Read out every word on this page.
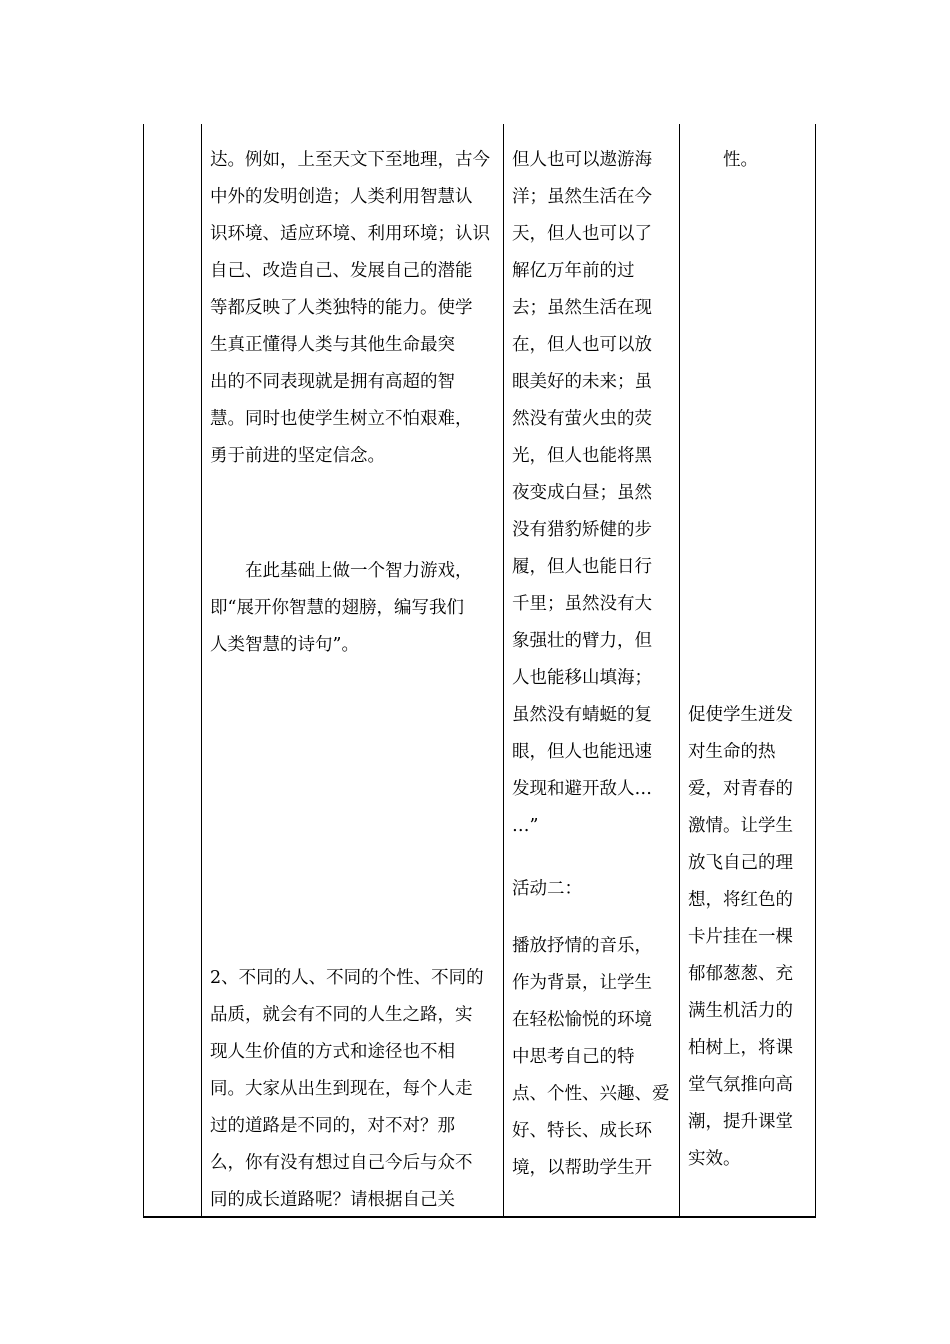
达。例如，上至天文下至地理，古今
中外的发明创造；人类利用智慧认
识环境、适应环境、利用环境；认识
自己、改造自己、发展自己的潜能
等都反映了人类独特的能力。使学
生真正懂得人类与其他生命最突
出的不同表现就是拥有高超的智
慧。同时也使学生树立不怕艰难，
勇于前进的坚定信念。
　　在此基础上做一个智力游戏，
即“展开你智慧的翅膀，编写我们
人类智慧的诗句”。
2、不同的人、不同的个性、不同的
品质，就会有不同的人生之路，实
现人生价值的方式和途径也不相
同。大家从出生到现在，每个人走
过的道路是不同的，对不对？那
么，你有没有想过自己今后与众不
同的成长道路呢？请根据自己关
但人也可以遨游海
洋；虽然生活在今
天，但人也可以了
解亿万年前的过
去；虽然生活在现
在，但人也可以放
眼美好的未来；虽
然没有萤火虫的荧
光，但人也能将黑
夜变成白昼；虽然
没有猎豹矫健的步
履，但人也能日行
千里；虽然没有大
象强壮的臂力，但
人也能移山填海；
虽然没有蜻蜓的复
眼，但人也能迅速
发现和避开敌人…
…”
活动二：
播放抒情的音乐，
作为背景，让学生
在轻松愉悦的环境
中思考自己的特
点、个性、兴趣、爱
好、特长、成长环
境，以帮助学生开
　　性。
促使学生迸发
对生命的热
爱，对青春的
激情。让学生
放飞自己的理
想，将红色的
卡片挂在一棵
郁郁葱葱、充
满生机活力的
柏树上，将课
堂气氛推向高
潮，提升课堂
实效。
